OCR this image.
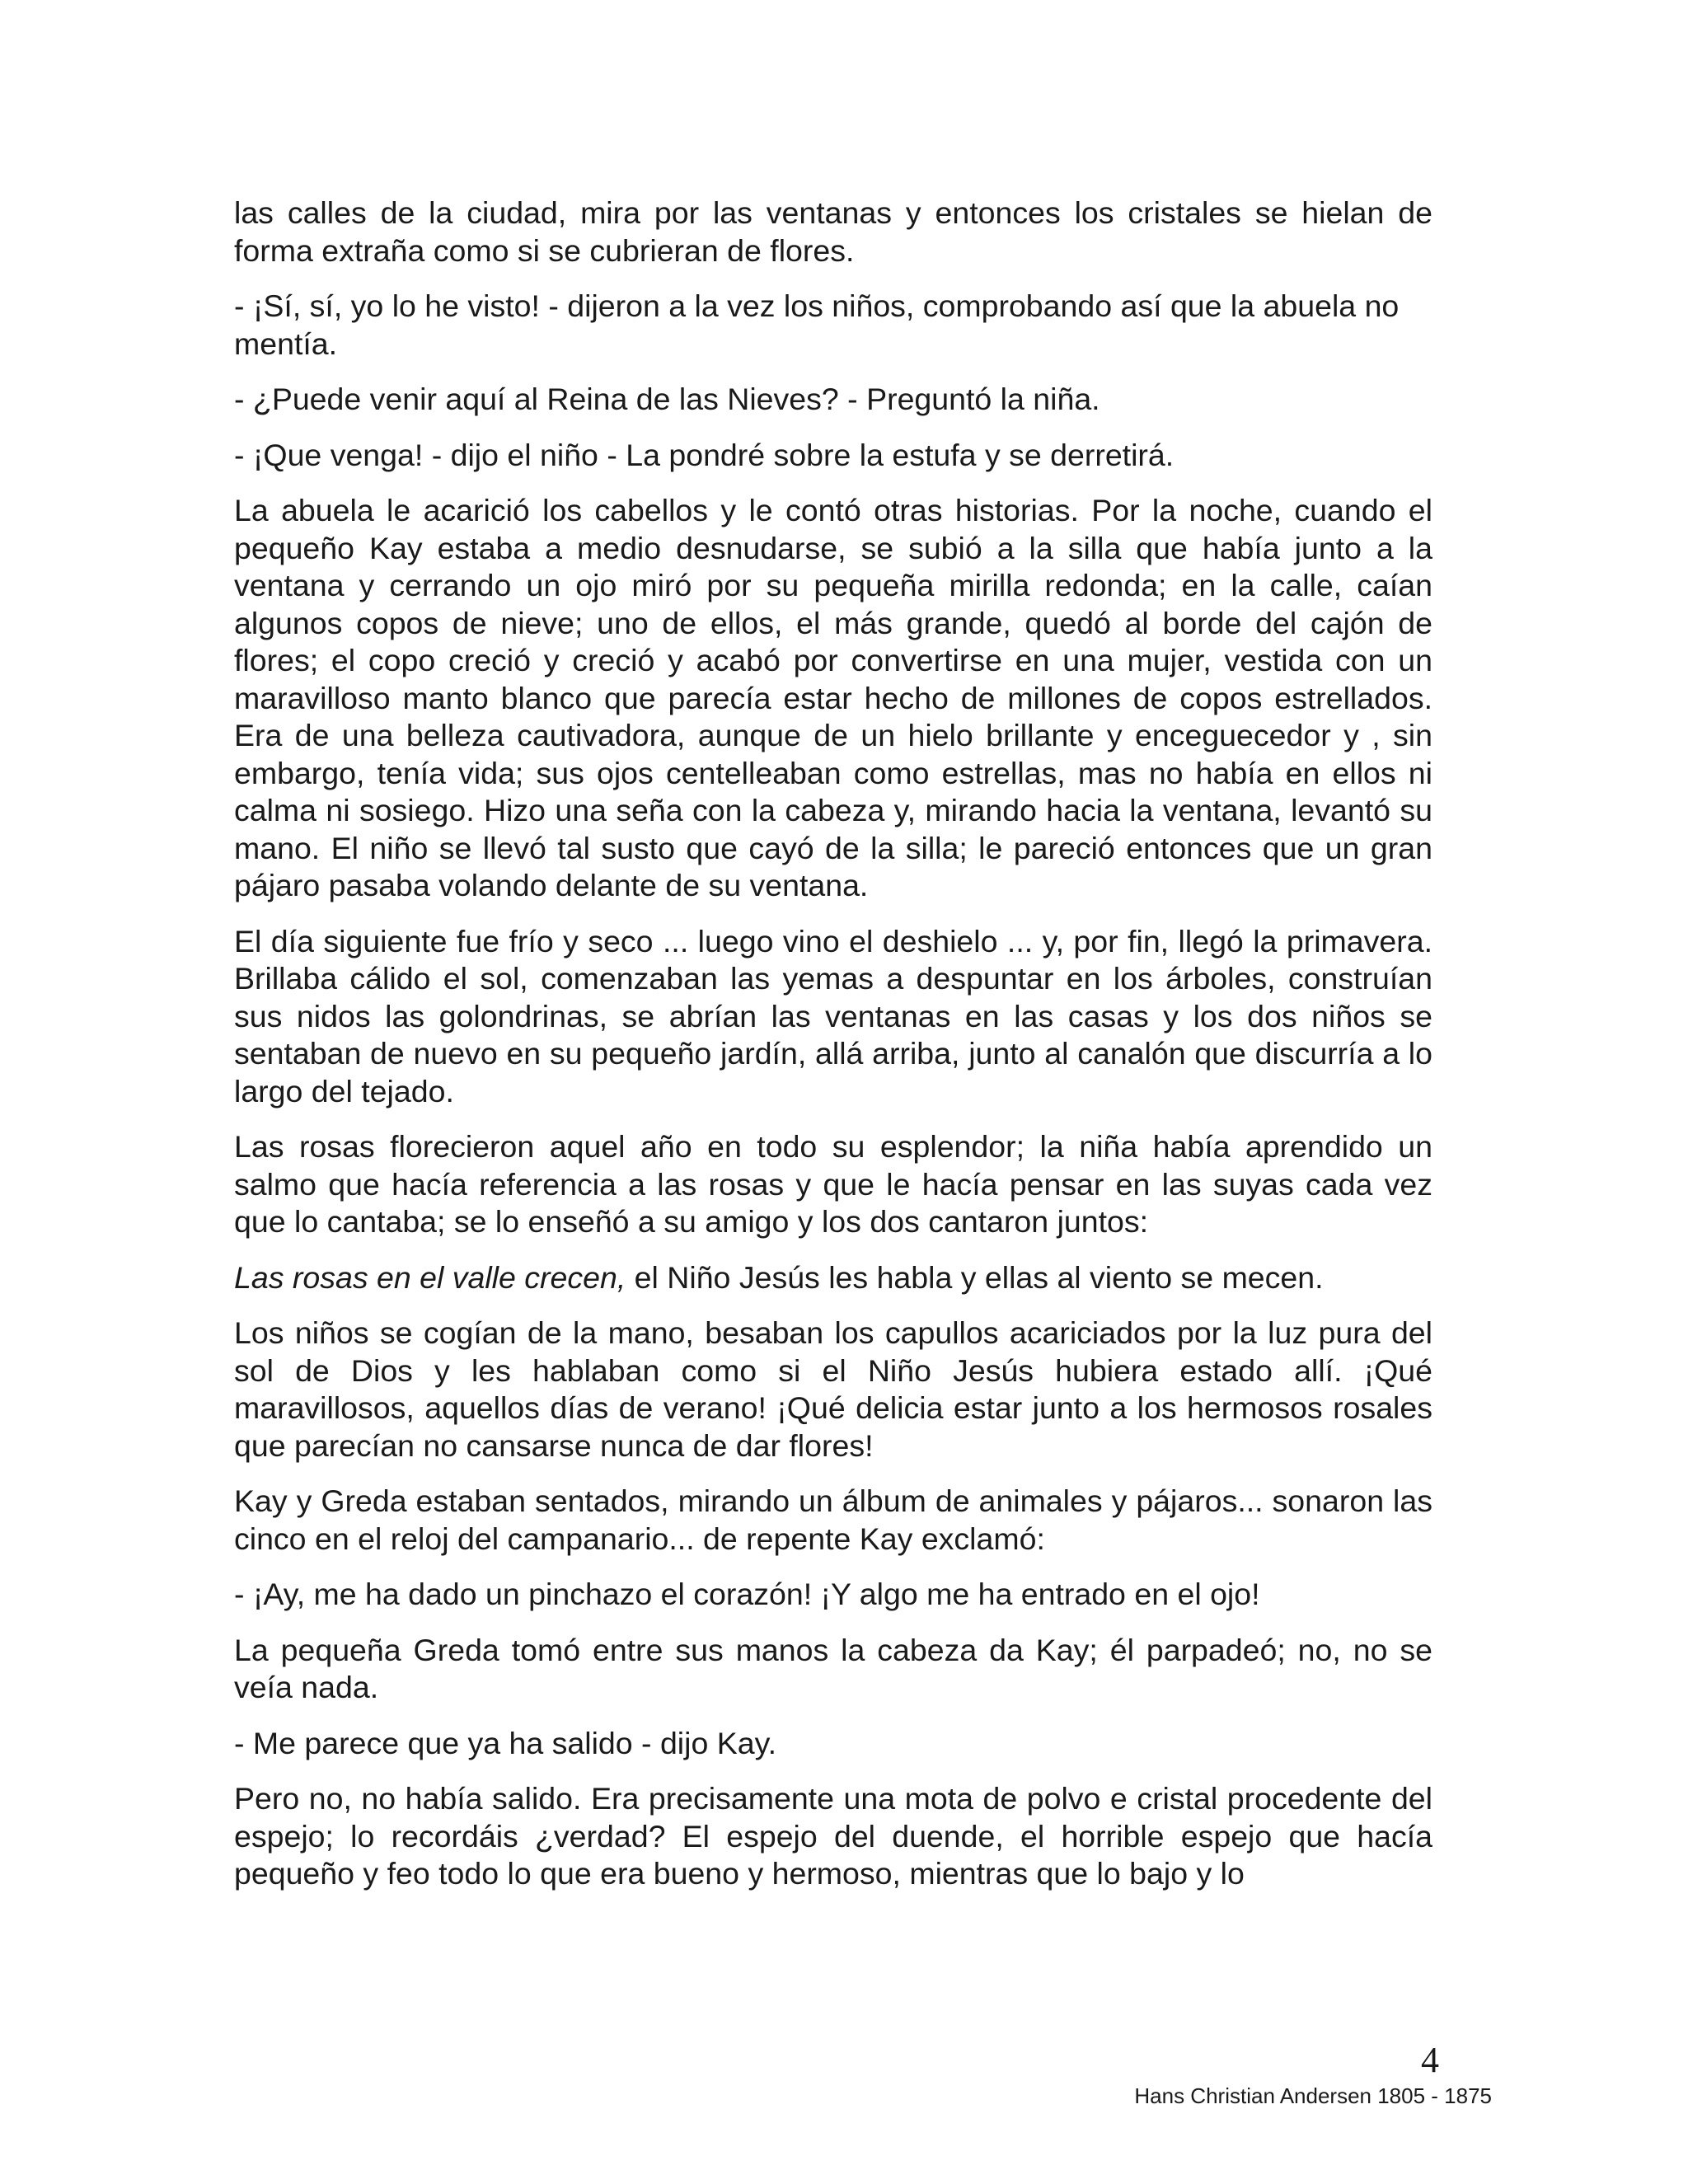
las calles de la ciudad, mira por las ventanas y entonces los cristales se hielan de forma extraña como si se cubrieran de flores.

- ¡Sí, sí, yo lo he visto! - dijeron a la vez los niños, comprobando así que la abuela no mentía.

- ¿Puede venir aquí al Reina de las Nieves? - Preguntó la niña.

- ¡Que venga! - dijo el niño - La pondré sobre la estufa y se derretirá.

La abuela le acarició los cabellos y le contó otras historias. Por la noche, cuando el pequeño Kay estaba a medio desnudarse, se subió a la silla que había junto a la ventana y cerrando un ojo miró por su pequeña mirilla redonda; en la calle, caían algunos copos de nieve; uno de ellos, el más grande, quedó al borde del cajón de flores; el copo creció y creció y acabó por convertirse en una mujer, vestida con un maravilloso manto blanco que parecía estar hecho de millones de copos estrellados. Era de una belleza cautivadora, aunque de un hielo brillante y enceguecedor y , sin embargo, tenía vida; sus ojos centelleaban como estrellas, mas no había en ellos ni calma ni sosiego. Hizo una seña con la cabeza y, mirando hacia la ventana, levantó su mano. El niño se llevó tal susto que cayó de la silla; le pareció entonces que un gran pájaro pasaba volando delante de su ventana.

El día siguiente fue frío y seco ... luego vino el deshielo ... y, por fin, llegó la primavera. Brillaba cálido el sol, comenzaban las yemas a despuntar en los árboles, construían sus nidos las golondrinas, se abrían las ventanas en las casas y los dos niños se sentaban de nuevo en su pequeño jardín, allá arriba, junto al canalón que discurría a lo largo del tejado.

Las rosas florecieron aquel año en todo su esplendor; la niña había aprendido un salmo que hacía referencia a las rosas y que le hacía pensar en las suyas cada vez que lo cantaba; se lo enseñó a su amigo y los dos cantaron juntos:

Las rosas en el valle crecen, el Niño Jesús les habla y ellas al viento se mecen.

Los niños se cogían de la mano, besaban los capullos acariciados por la luz pura del sol de Dios y les hablaban como si el Niño Jesús hubiera estado allí. ¡Qué maravillosos, aquellos días de verano! ¡Qué delicia estar junto a los hermosos rosales que parecían no cansarse nunca de dar flores!

Kay y Greda estaban sentados, mirando un álbum de animales y pájaros... sonaron las cinco en el reloj del campanario... de repente Kay exclamó:

- ¡Ay, me ha dado un pinchazo el corazón! ¡Y algo me ha entrado en el ojo!

La pequeña Greda tomó entre sus manos la cabeza da Kay; él parpadeó; no, no se veía nada.

- Me parece que ya ha salido - dijo Kay.

Pero no, no había salido. Era precisamente una mota de polvo e cristal procedente del espejo; lo recordáis ¿verdad? El espejo del duende, el horrible espejo que hacía pequeño y feo todo lo que era bueno y hermoso, mientras que lo bajo y lo

4
Hans Christian Andersen 1805 - 1875
